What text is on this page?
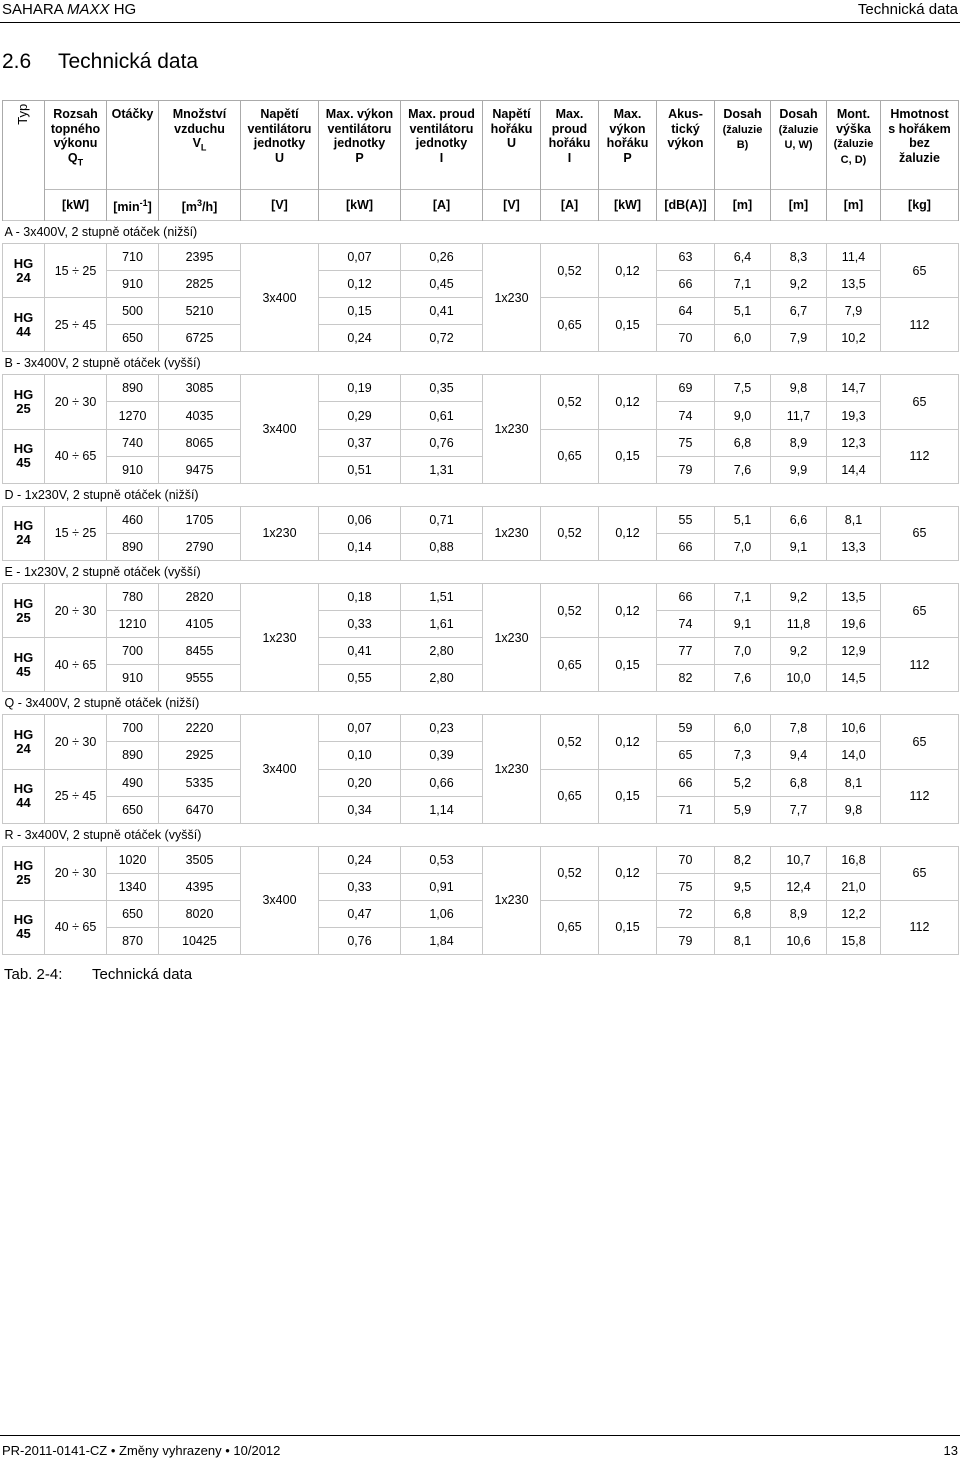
SAHARA MAXX HG	Technická data
2.6 Technická data
Typ	Rozsah
topného
výkonu
$Q_T$	Otáčky	Množství
vzduchu
$V_L$	Napětí
ventilátoru
jednotky
U	Max. výkon
ventilátoru
jednotky
P	Max. proud
ventilátoru
jednotky
I	Napětí
hořáku
U	Max.
proud
hořáku
I	Max.
výkon
hořáku
P	Akus-
tický
výkon	Dosah
(žaluzie
B)	Dosah
(žaluzie
U, W)	Mont.
výška
(žaluzie
C, D)	Hmotnost
s hořákem
bez
žaluzie
	[kW]	$[\min^{-1}]$	$[m^3/h]$	[V]	[kW]	[A]	[V]	[A]	[kW]	[dB(A)]	[m]	[m]	[m]	[kg]
A - 3x400V, 2 stupně otáček (nižší)														

HG
24	15 ÷ 25	710	2395	3x400	0,07	0,26	1x230	0,52	0,12	63	6,4	8,3	11,4	65
		910	2825		0,12	0,45				66	7,1	9,2	13,5	

HG
44	25 ÷ 45	500	5210		0,15	0,41		0,65	0,15	64	5,1	6,7	7,9	112
		650	6725		0,24	0,72				70	6,0	7,9	10,2	
B - 3x400V, 2 stupně otáček (vyšší)														

HG
25	20 ÷ 30	890	3085	3x400	0,19	0,35	1x230	0,52	0,12	69	7,5	9,8	14,7	65
		1270	4035		0,29	0,61				74	9,0	11,7	19,3	

HG
45	40 ÷ 65	740	8065		0,37	0,76		0,65	0,15	75	6,8	8,9	12,3	112
		910	9475		0,51	1,31				79	7,6	9,9	14,4	
D - 1x230V, 2 stupně otáček (nižší)														

HG
24	15 ÷ 25	460	1705	1x230	0,06	0,71	1x230	0,52	0,12	55	5,1	6,6	8,1	65
		890	2790		0,14	0,88				66	7,0	9,1	13,3	
E - 1x230V, 2 stupně otáček (vyšší)														

HG
25	20 ÷ 30	780	2820	1x230	0,18	1,51	1x230	0,52	0,12	66	7,1	9,2	13,5	65
		1210	4105		0,33	1,61				74	9,1	11,8	19,6	

HG
45	40 ÷ 65	700	8455		0,41	2,80		0,65	0,15	77	7,0	9,2	12,9	112
		910	9555		0,55	2,80				82	7,6	10,0	14,5	
Q - 3x400V, 2 stupně otáček (nižší)														

HG
24	20 ÷ 30	700	2220	3x400	0,07	0,23	1x230	0,52	0,12	59	6,0	7,8	10,6	65
		890	2925		0,10	0,39				65	7,3	9,4	14,0	

HG
44	25 ÷ 45	490	5335		0,20	0,66		0,65	0,15	66	5,2	6,8	8,1	112
		650	6470		0,34	1,14				71	5,9	7,7	9,8	
R - 3x400V, 2 stupně otáček (vyšší)														

HG
25	20 ÷ 30	1020	3505	3x400	0,24	0,53	1x230	0,52	0,12	70	8,2	10,7	16,8	65
		1340	4395		0,33	0,91				75	9,5	12,4	21,0	

HG
45	40 ÷ 65	650	8020		0,47	1,06		0,65	0,15	72	6,8	8,9	12,2	112
		870	10425		0,76	1,84				79	8,1	10,6	15,8	
Tab. 2-4: Technická data
PR-2011-0141-CZ • Změny vyhrazeny • 10/2012	13
